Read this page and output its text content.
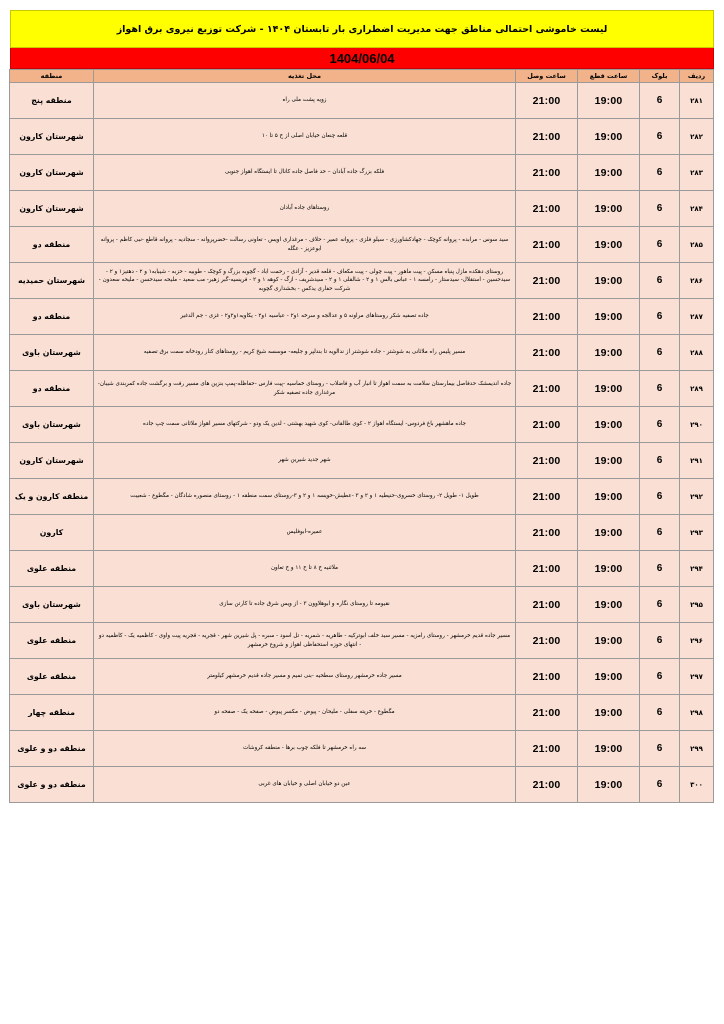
لیست خاموشی احتمالی مناطق جهت مدیریت اضطراری بار تابستان ۱۴۰۴ - شرکت توزیع نیروی برق اهواز
1404/06/04
ردیف	بلوک	ساعت قطع	ساعت وصل	محل تغذیه	منطقه
۲۸۱	6	19:00	21:00	زویه پشت ملی راه	منطقه پنج
۲۸۲	6	19:00	21:00	قلعه چنعان خیابان اصلی از خ ۵ تا ۱۰	شهرستان کارون
۲۸۳	6	19:00	21:00	فلکه بزرگ جاده آبادان – حد فاصل جاده کانال تا ایستگاه اهواز جنوبی	شهرستان کارون
۲۸۴	6	19:00	21:00	روستاهای جاده آبادان	شهرستان کارون
۲۸۵	6	19:00	21:00	سید سوس - مرابده - پروانه کوچک - جهادکشاورزی - سیلو فلزی - پروانه عمیر - حلاف - مرغداری اویس - تعاونی رسالت -خضرپروانه - سجادیه - پروانه قاطع -نبی کاظم - پروانه ابوعزیز - عگله	منطقه دو
۲۸۶	6	19:00	21:00	روستای دهکده مازل پنباه مسکن - پیت ماهور - پیت چولی - پیت مکعاف - قلعه قدیر - آزادی - رحمت اباد - گچوبه بزرگ و کوچک - طوبیه - حزبه - شیبابه۱ و ۲ - دهتیز۱ و ۲ - سیدحسین - استقلال- سیدستار - رامسه ۱ - عباس بالس ۱ و ۲ - شالقلی ۱ و ۲ - سیدشریف - ازگ - کوهه ۱ و ۲ - فریسیه-گبر زهیر- مب سعید - ملیحه سیدحسن - ملیحه سعدون - شرکت حفاری یدکس - بخشداری گچوبه	شهرستان حمیدیه
۲۸۷	6	19:00	21:00	جاده تصفیه شکر روستاهای مراونه ۵ و عدالجه و سرخه ۱و۲ - عباسیه ۱و۲ - یکاویه۱و۲و۲ - غزی - جم الدغیر	منطقه دو
۲۸۸	6	19:00	21:00	مسیر پلیس راه ملاثانی به شوشتر - جاده شوشتر از ندالویه تا بندلپر و جلیعه- موسسه شیخ کریم - روستاهای کنار رودخانه سمت برق تصفیه	شهرستان باوی
۲۸۹	6	19:00	21:00	جاده اندیمشک حدفاصل بیمارستان سلامت به سمت اهواز تا انبار آب و فاضلاب - روستای خماسیه -پیت فارس -حفاظله-پمپ بنزین های مسیر رفت و برگشت جاده کمربندی شیبان- مرغداری جاده تصفیه شکر	منطقه دو
۲۹۰	6	19:00	21:00	جاده ماهشهر باغ فردوس- ایستگاه اهواز ۲ - کوی طالقانی- کوی شهید بهشتی - لدین یک ودو - شرکتهای مسیر اهواز ملاثانی سمت چپ جاده	شهرستان باوی
۲۹۱	6	19:00	21:00	شهر جدید شیرین شهر	شهرستان کارون
۲۹۲	6	19:00	21:00	طویل ۱- طویل ۲- روستای خسروی-حنیطیه ۱ و ۲ و ۳ -عطیش-خویسه ۱ و ۲ و ۳-روستای سمت منطقه ۱ - روستای منصوره شادگان - مگطوع - شعیبت	منطقه کارون و یک
۲۹۳	6	19:00	21:00	عمیره-ابوفلیس	کارون
۲۹۴	6	19:00	21:00	ملاثنیه خ ۸ تا خ ۱۱ و خ تعاون	منطقه علوی
۲۹۵	6	19:00	21:00	نقیومه تا روستای نگاره و ابوهلاوون ۳ - از ویس شرق جاده تا کارتن سازی	شهرستان باوی
۲۹۶	6	19:00	21:00	مسیر جاده قدیم خرمشهر - روستای رامزیه - مسیر سید خلف ابوترکیه - طاهریه - شمریه - تل اسود - سبره - پل شیرین شهر - قجریه - قجریه پیت واوی - کاظمیه یک - کاظمیه دو - انتهای حوزه استحفاظی اهواز و شروع خرمشهر	منطقه علوی
۲۹۷	6	19:00	21:00	مسیر جاده خرمشهر روستای سطحیه -بنی تمیم و مسیر جاده قدیم خرمشهر کیلومتر	منطقه علوی
۲۹۸	6	19:00	21:00	مگطوع - خریته سفلی - ملیحان - پیوض - مکسر پیوض - صفحه یک - صفحه دو	منطقه چهار
۲۹۹	6	19:00	21:00	سه راه خرمشهر تا فلکه چوب برها - منطقه کروشات	منطقه دو و علوی
۳۰۰	6	19:00	21:00	عین دو خیابان اصلی و خیابان های غربی	منطقه دو و علوی
